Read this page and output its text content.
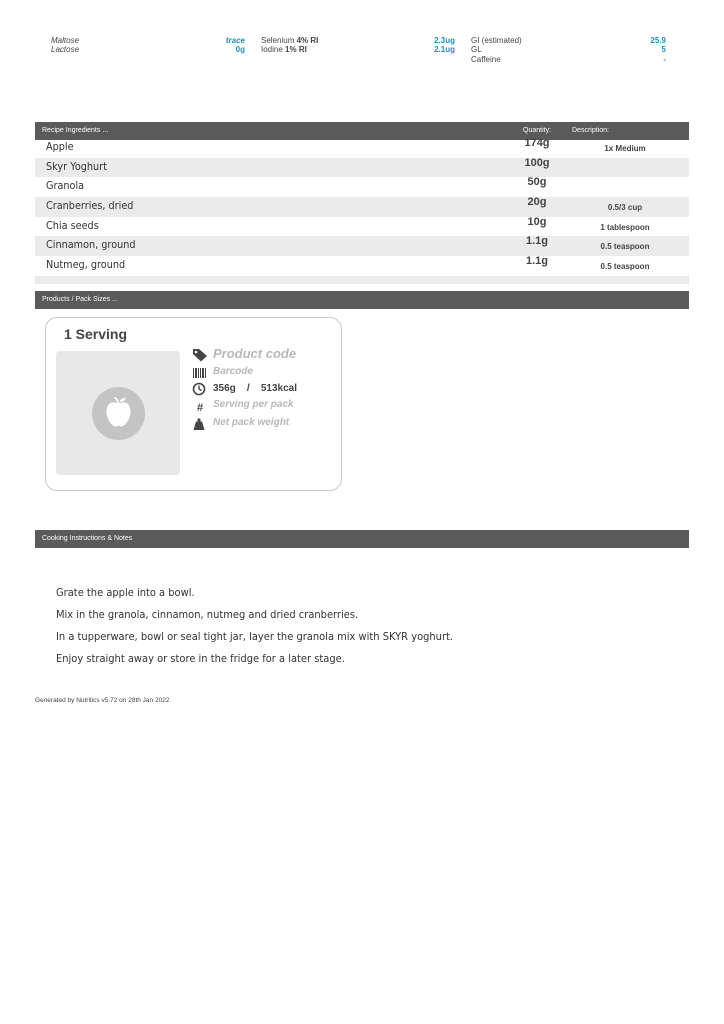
Maltose	trace
Lactose	0g
Selenium 4% RI	2.3ug
Iodine 1% RI	2.1ug
GI (estimated)	25.9
GL	5
Caffeine	-
Recipe Ingredients ...	Quantity:	Description:
Apple	174g	1x Medium
Skyr Yoghurt	100g
Granola	50g
Cranberries, dried	20g	0.5/3 cup
Chia seeds	10g	1 tablespoon
Cinnamon, ground	1.1g	0.5 teaspoon
Nutmeg, ground	1.1g	0.5 teaspoon
Products / Pack Sizes ...
1 Serving
Product code
Barcode
356g / 513kcal
# Serving per pack
Net pack weight
Cooking Instructions & Notes
Grate the apple into a bowl.
Mix in the granola, cinnamon, nutmeg and dried cranberries.
In a tupperware, bowl or seal tight jar, layer the granola mix with SKYR yoghurt.
Enjoy straight away or store in the fridge for a later stage.
Generated by Nutritics v5.72 on 28th Jan 2022
